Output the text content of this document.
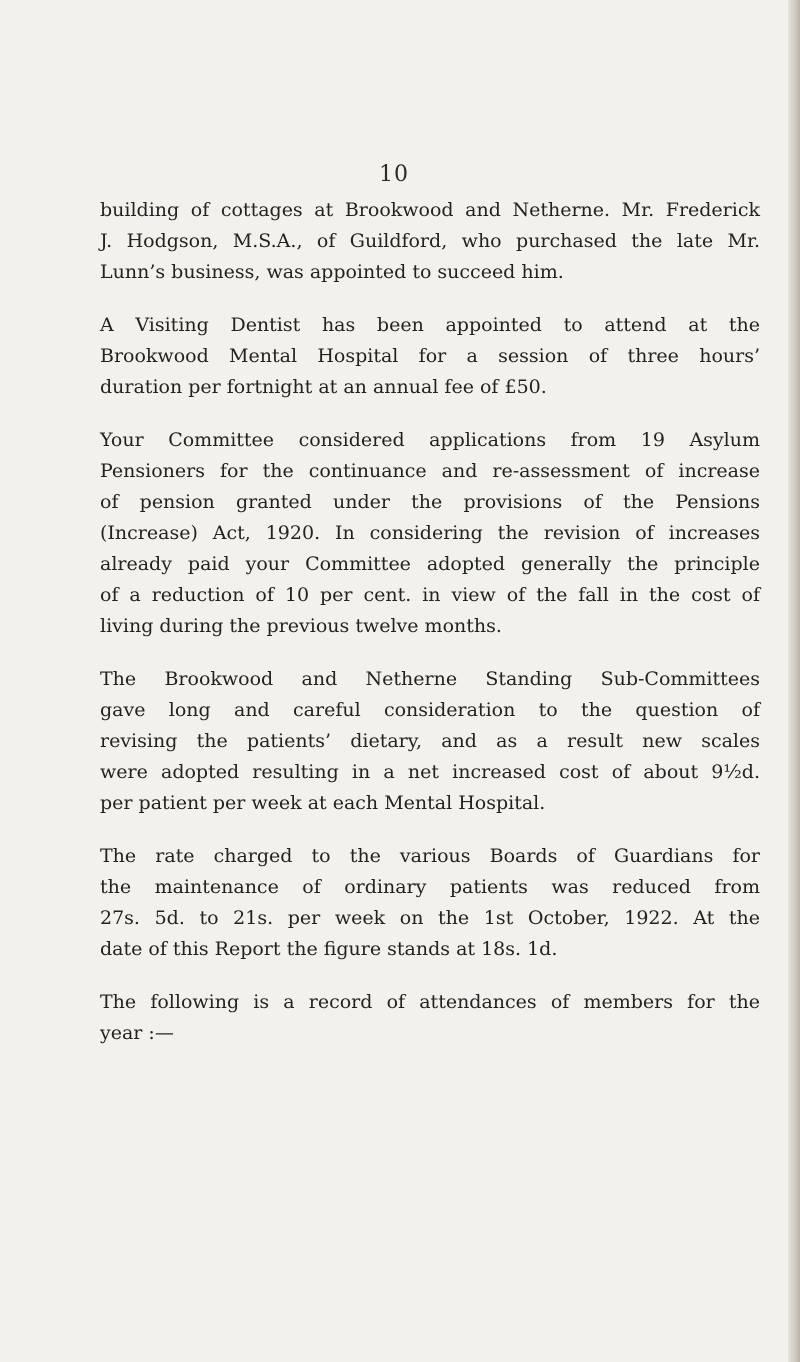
10

building of cottages at Brookwood and Netherne. Mr. Frederick
J. Hodgson, M.S.A., of Guildford, who purchased the late Mr.
Lunn’s business, was appointed to succeed him.

A Visiting Dentist has been appointed to attend at the
Brookwood Mental Hospital for a session of three hours’
duration per fortnight at an annual fee of £50.

Your Committee considered applications from 19 Asylum
Pensioners for the continuance and re-assessment of increase
of pension granted under the provisions of the Pensions
(Increase) Act, 1920. In considering the revision of increases
already paid your Committee adopted generally the principle
of a reduction of 10 per cent. in view of the fall in the cost of
living during the previous twelve months.

The Brookwood and Netherne Standing Sub-Committees
gave long and careful consideration to the question of
revising the patients’ dietary, and as a result new scales
were adopted resulting in a net increased cost of about 9½d.
per patient per week at each Mental Hospital.

The rate charged to the various Boards of Guardians for
the maintenance of ordinary patients was reduced from
27s. 5d. to 21s. per week on the 1st October, 1922. At the
date of this Report the figure stands at 18s. 1d.

The following is a record of attendances of members for the
year :—
